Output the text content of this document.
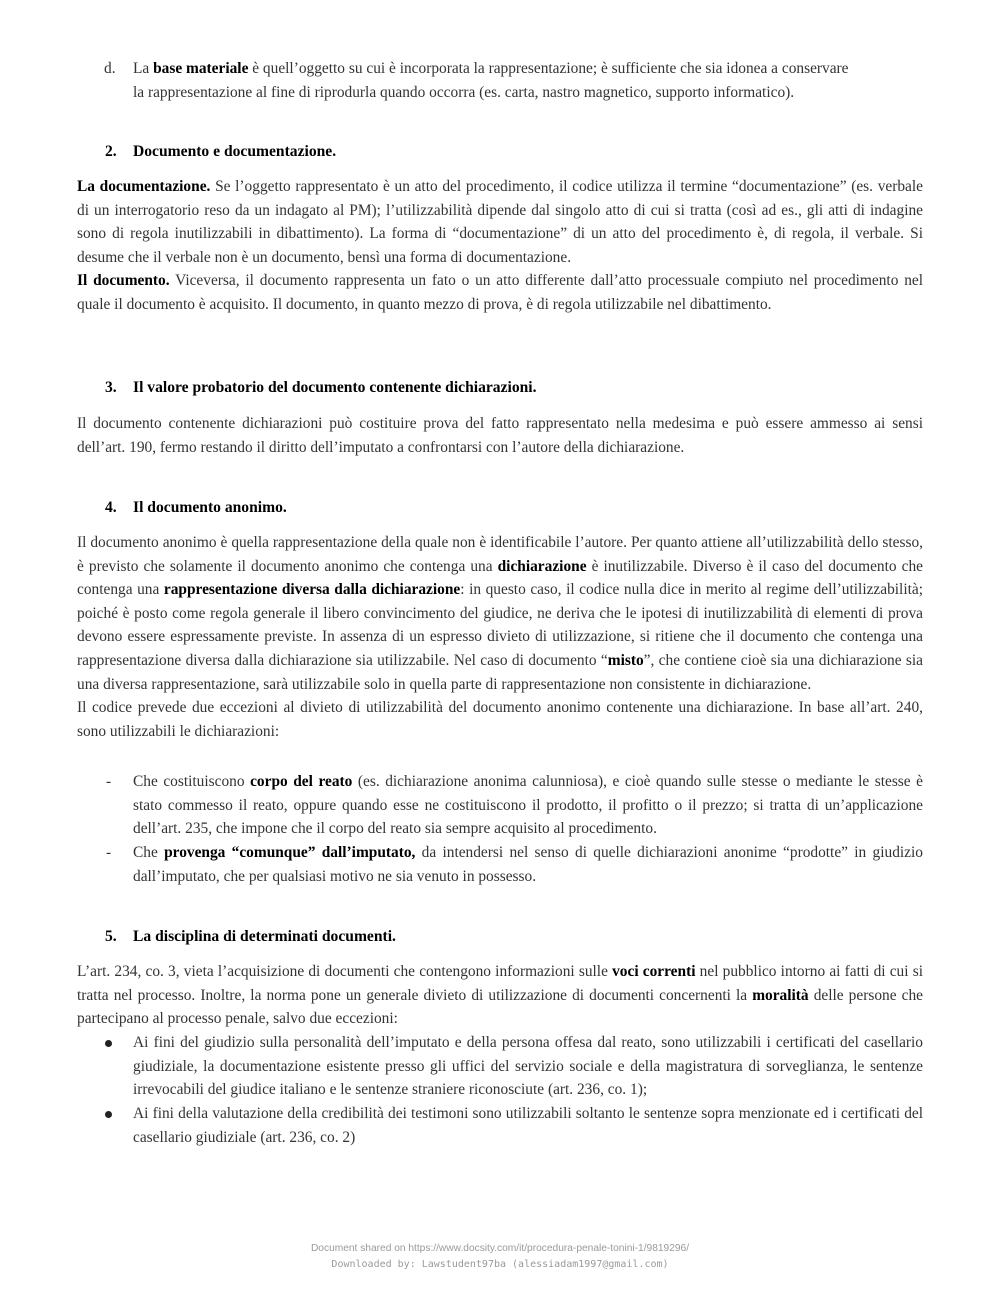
d. La base materiale è quell’oggetto su cui è incorporata la rappresentazione; è sufficiente che sia idonea a conservare
la rappresentazione al fine di riprodurla quando occorra (es. carta, nastro magnetico, supporto informatico).
2. Documento e documentazione.

La documentazione. Se l’oggetto rappresentato è un atto del procedimento, il codice utilizza il termine “documentazione” (es. verbale di un interrogatorio reso da un indagato al PM); l’utilizzabilità dipende dal singolo atto di cui si tratta (così ad es., gli atti di indagine sono di regola inutilizzabili in dibattimento). La forma di “documentazione” di un atto del procedimento è, di regola, il verbale. Si desume che il verbale non è un documento, bensì una forma di documentazione.

Il documento. Viceversa, il documento rappresenta un fato o un atto differente dall’atto processuale compiuto nel procedimento nel quale il documento è acquisito. Il documento, in quanto mezzo di prova, è di regola utilizzabile nel dibattimento.

3. Il valore probatorio del documento contenente dichiarazioni.

Il documento contenente dichiarazioni può costituire prova del fatto rappresentato nella medesima e può essere ammesso ai sensi dell’art. 190, fermo restando il diritto dell’imputato a confrontarsi con l’autore della dichiarazione.

4. Il documento anonimo.

Il documento anonimo è quella rappresentazione della quale non è identificabile l’autore. Per quanto attiene all’utilizzabilità dello stesso, è previsto che solamente il documento anonimo che contenga una dichiarazione è inutilizzabile. Diverso è il caso del documento che contenga una rappresentazione diversa dalla dichiarazione: in questo caso, il codice nulla dice in merito al regime dell’utilizzabilità; poiché è posto come regola generale il libero convincimento del giudice, ne deriva che le ipotesi di inutilizzabilità di elementi di prova devono essere espressamente previste. In assenza di un espresso divieto di utilizzazione, si ritiene che il documento che contenga una rappresentazione diversa dalla dichiarazione sia utilizzabile. Nel caso di documento “misto”, che contiene cioè sia una dichiarazione sia una diversa rappresentazione, sarà utilizzabile solo in quella parte di rappresentazione non consistente in dichiarazione.

Il codice prevede due eccezioni al divieto di utilizzabilità del documento anonimo contenente una dichiarazione. In base all’art. 240, sono utilizzabili le dichiarazioni:

- Che costituiscono corpo del reato (es. dichiarazione anonima calunniosa), e cioè quando sulle stesse o mediante le stesse è stato commesso il reato, oppure quando esse ne costituiscono il prodotto, il profitto o il prezzo; si tratta di un’applicazione dell’art. 235, che impone che il corpo del reato sia sempre acquisito al procedimento.
- Che provenga “comunque” dall’imputato, da intendersi nel senso di quelle dichiarazioni anonime “prodotte” in giudizio dall’imputato, che per qualsiasi motivo ne sia venuto in possesso.
5. La disciplina di determinati documenti.

L’art. 234, co. 3, vieta l’acquisizione di documenti che contengono informazioni sulle voci correnti nel pubblico intorno ai fatti di cui si tratta nel processo. Inoltre, la norma pone un generale divieto di utilizzazione di documenti concernenti la moralità delle persone che partecipano al processo penale, salvo due eccezioni:

Ai fini del giudizio sulla personalità dell’imputato e della persona offesa dal reato, sono utilizzabili i certificati del casellario giudiziale, la documentazione esistente presso gli uffici del servizio sociale e della magistratura di sorveglianza, le sentenze irrevocabili del giudice italiano e le sentenze straniere riconosciute (art. 236, co. 1);
Ai fini della valutazione della credibilità dei testimoni sono utilizzabili soltanto le sentenze sopra menzionate ed i certificati del casellario giudiziale (art. 236, co. 2)
Document shared on https://www.docsity.com/it/procedura-penale-tonini-1/9819296/
Downloaded by: Lawstudent97ba (alessiadam1997@gmail.com)
